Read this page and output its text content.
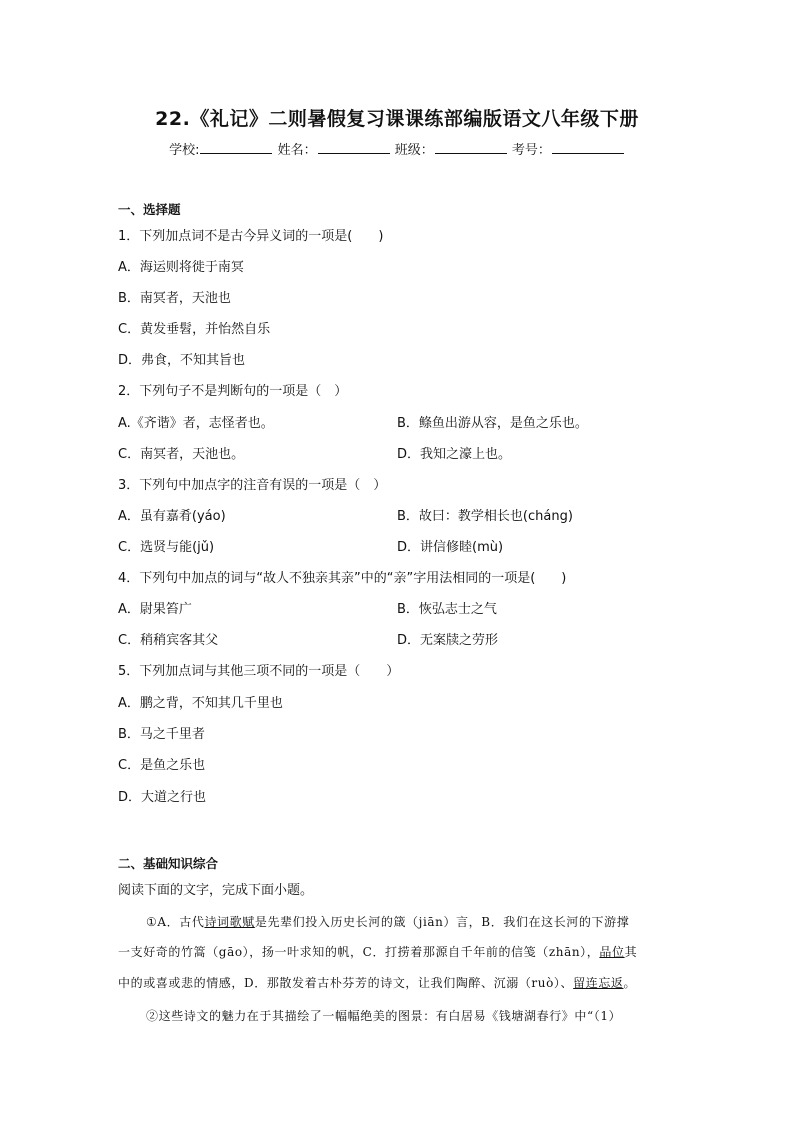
22.《礼记》二则暑假复习课课练部编版语文八年级下册
学校:	姓名：	班级：	考号：
一、选择题
1．下列加点词不是古今异义词的一项是(　　)
A．海运则将徙于南冥
B．南冥者，天池也
C．黄发垂髫，并怡然自乐
D．弗食，不知其旨也
2．下列句子不是判断句的一项是（　）
A.《齐谐》者，志怪者也。	B．鲦鱼出游从容，是鱼之乐也。
C．南冥者，天池也。	D．我知之濠上也。
3．下列句中加点字的注音有误的一项是（　）
A．虽有嘉肴(yáo)	B．故曰：教学相长也(cháng)
C．选贤与能(jǔ)	D．讲信修睦(mù)
4．下列句中加点的词与“故人不独亲其亲”中的“亲”字用法相同的一项是(　　)
A．尉果笞广	B．恢弘志士之气
C．稍稍宾客其父	D．无案牍之劳形
5．下列加点词与其他三项不同的一项是（　　）
A．鹏之背，不知其几千里也
B．马之千里者
C．是鱼之乐也
D．大道之行也
二、基础知识综合
阅读下面的文字，完成下面小题。
①A．古代诗词歌赋是先辈们投入历史长河的箴（jiān）言，B．我们在这长河的下游撑
一支好奇的竹篙（gāo），扬一叶求知的帆，C．打捞着那源自千年前的信笺（zhān），品位其
中的或喜或悲的情感，D．那散发着古朴芬芳的诗文，让我们陶醉、沉溺（ruò）、留连忘返。
②这些诗文的魅力在于其描绘了一幅幅绝美的图景：有白居易《钱塘湖春行》中“（1）
